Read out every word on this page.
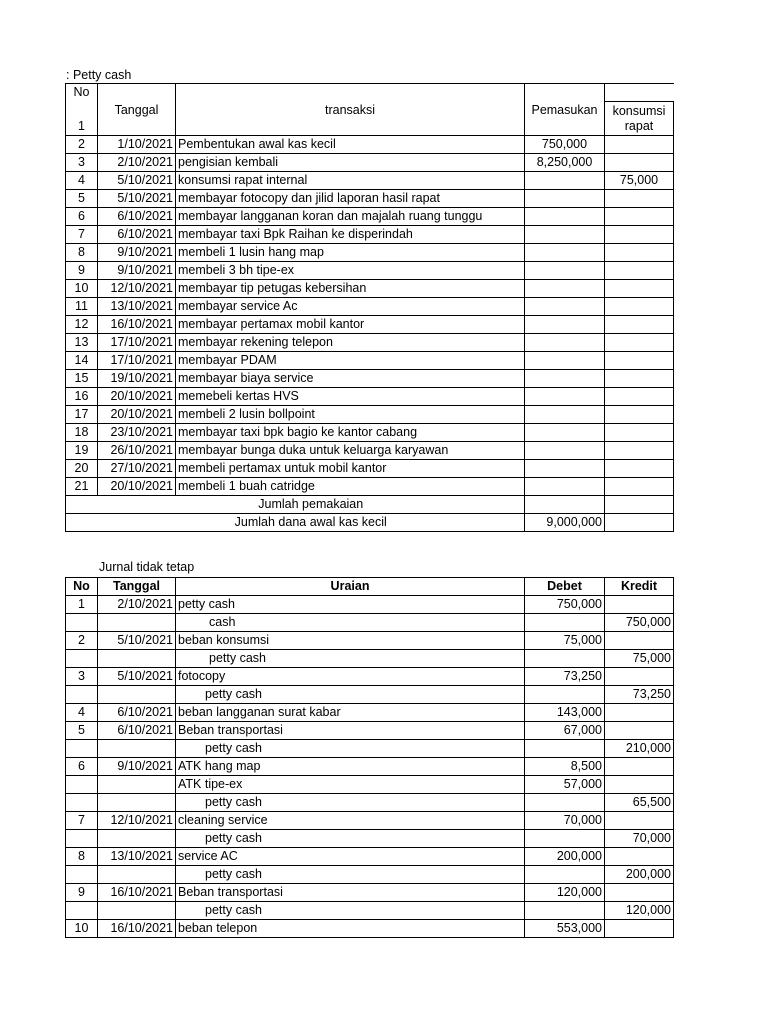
: Petty cash
No	Tanggal	transaksi	Pemasukan	
				konsumsi rapat
1				
2	1/10/2021	Pembentukan awal kas kecil	750,000	
3	2/10/2021	pengisian kembali	8,250,000	
4	5/10/2021	konsumsi rapat internal		75,000
5	5/10/2021	membayar fotocopy dan jilid laporan hasil rapat		
6	6/10/2021	membayar langganan koran dan majalah ruang tunggu		
7	6/10/2021	membayar taxi Bpk Raihan ke disperindah		
8	9/10/2021	membeli 1 lusin hang map		
9	9/10/2021	membeli 3 bh tipe-ex		
10	12/10/2021	membayar tip petugas kebersihan		
11	13/10/2021	membayar service Ac		
12	16/10/2021	membayar pertamax mobil kantor		
13	17/10/2021	membayar rekening telepon		
14	17/10/2021	membayar PDAM		
15	19/10/2021	membayar biaya service		
16	20/10/2021	memebeli kertas HVS		
17	20/10/2021	membeli 2 lusin bollpoint		
18	23/10/2021	membayar taxi bpk bagio ke kantor cabang		
19	26/10/2021	membayar bunga duka untuk keluarga karyawan		
20	27/10/2021	membeli pertamax untuk mobil kantor		
21	20/10/2021	membeli 1 buah catridge		
	Jumlah pemakaian			
	Jumlah dana awal kas kecil		9,000,000	
Jurnal tidak tetap
No	Tanggal	Uraian	Debet	Kredit
1	2/10/2021	petty cash	750,000	
		cash		750,000
2	5/10/2021	beban konsumsi	75,000	
		petty cash		75,000
3	5/10/2021	fotocopy	73,250	
		petty cash		73,250
4	6/10/2021	beban langganan surat kabar	143,000	
5	6/10/2021	Beban transportasi	67,000	
		petty cash		210,000
6	9/10/2021	ATK hang map	8,500	
		ATK tipe-ex	57,000	
		petty cash		65,500
7	12/10/2021	cleaning service	70,000	
		petty cash		70,000
8	13/10/2021	service AC	200,000	
		petty cash		200,000
9	16/10/2021	Beban transportasi	120,000	
		petty cash		120,000
10	16/10/2021	beban telepon	553,000	
